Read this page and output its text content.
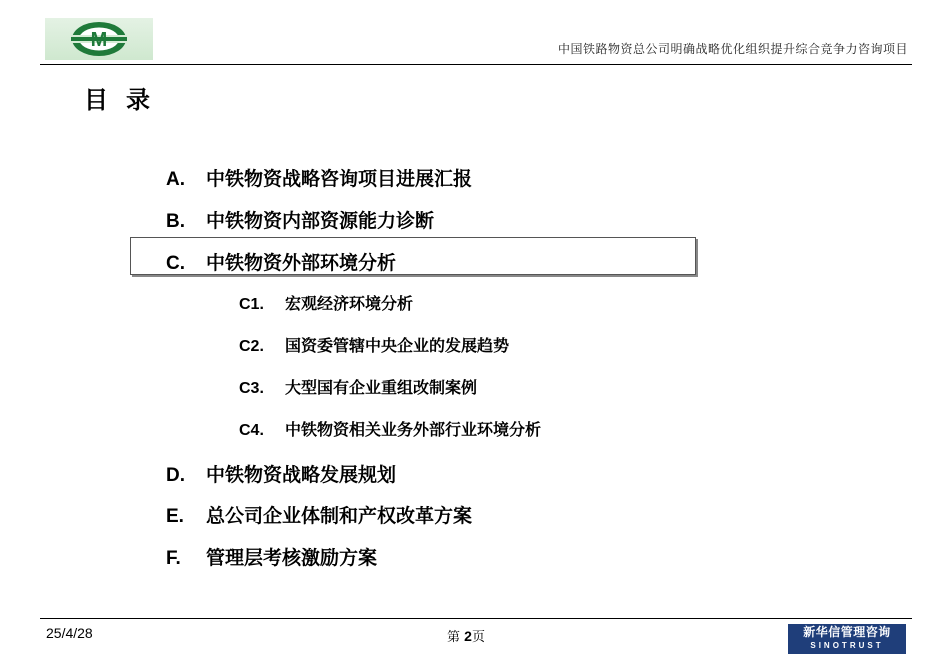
M	中国铁路物资总公司明确战略优化组织提升综合竞争力咨询项目
目录
A. 中铁物资战略咨询项目进展汇报
B. 中铁物资内部资源能力诊断
C. 中铁物资外部环境分析
C1. 宏观经济环境分析
C2. 国资委管辖中央企业的发展趋势
C3. 大型国有企业重组改制案例
C4. 中铁物资相关业务外部行业环境分析
D. 中铁物资战略发展规划
E. 总公司企业体制和产权改革方案
F. 管理层考核激励方案
25/4/28	第 2页	新华信管理咨询
SINOTRUST
